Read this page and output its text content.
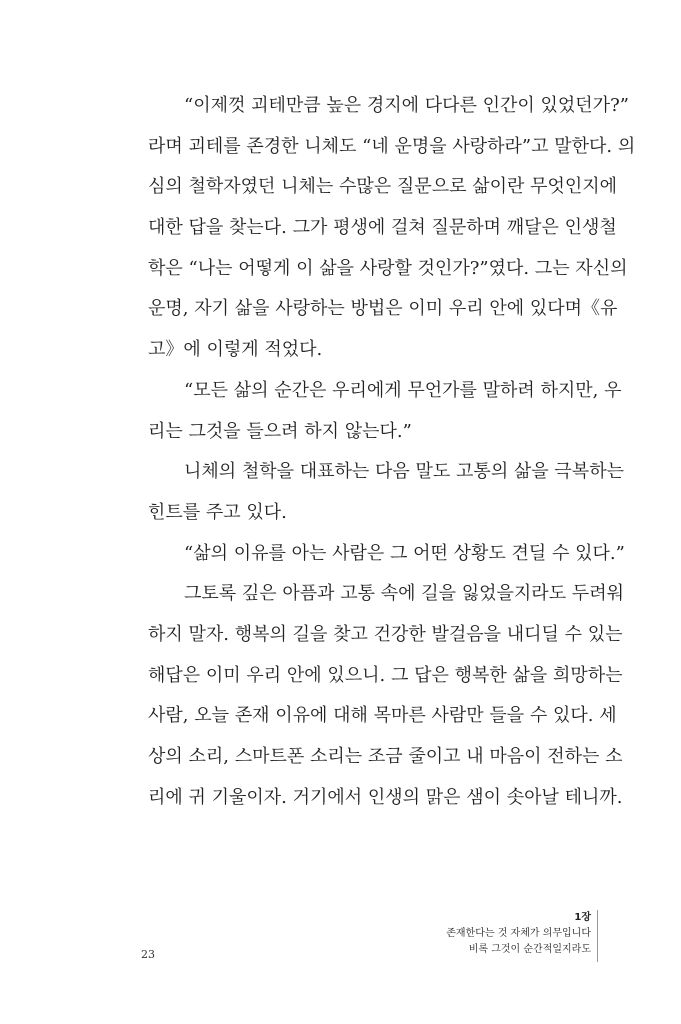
“이제껏 괴테만큼 높은 경지에 다다른 인간이 있었던가?”
라며 괴테를 존경한 니체도 “네 운명을 사랑하라”고 말한다. 의
심의 철학자였던 니체는 수많은 질문으로 삶이란 무엇인지에
대한 답을 찾는다. 그가 평생에 걸쳐 질문하며 깨달은 인생철
학은 “나는 어떻게 이 삶을 사랑할 것인가?”였다. 그는 자신의
운명, 자기 삶을 사랑하는 방법은 이미 우리 안에 있다며《유
고》에 이렇게 적었다.
“모든 삶의 순간은 우리에게 무언가를 말하려 하지만, 우
리는 그것을 들으려 하지 않는다.”
니체의 철학을 대표하는 다음 말도 고통의 삶을 극복하는
힌트를 주고 있다.
“삶의 이유를 아는 사람은 그 어떤 상황도 견딜 수 있다.”
그토록 깊은 아픔과 고통 속에 길을 잃었을지라도 두려워
하지 말자. 행복의 길을 찾고 건강한 발걸음을 내디딜 수 있는
해답은 이미 우리 안에 있으니. 그 답은 행복한 삶을 희망하는
사람, 오늘 존재 이유에 대해 목마른 사람만 들을 수 있다. 세
상의 소리, 스마트폰 소리는 조금 줄이고 내 마음이 전하는 소
리에 귀 기울이자. 거기에서 인생의 맑은 샘이 솟아날 테니까.
1장
존재한다는 것 자체가 의무입니다
비록 그것이 순간적일지라도
23
